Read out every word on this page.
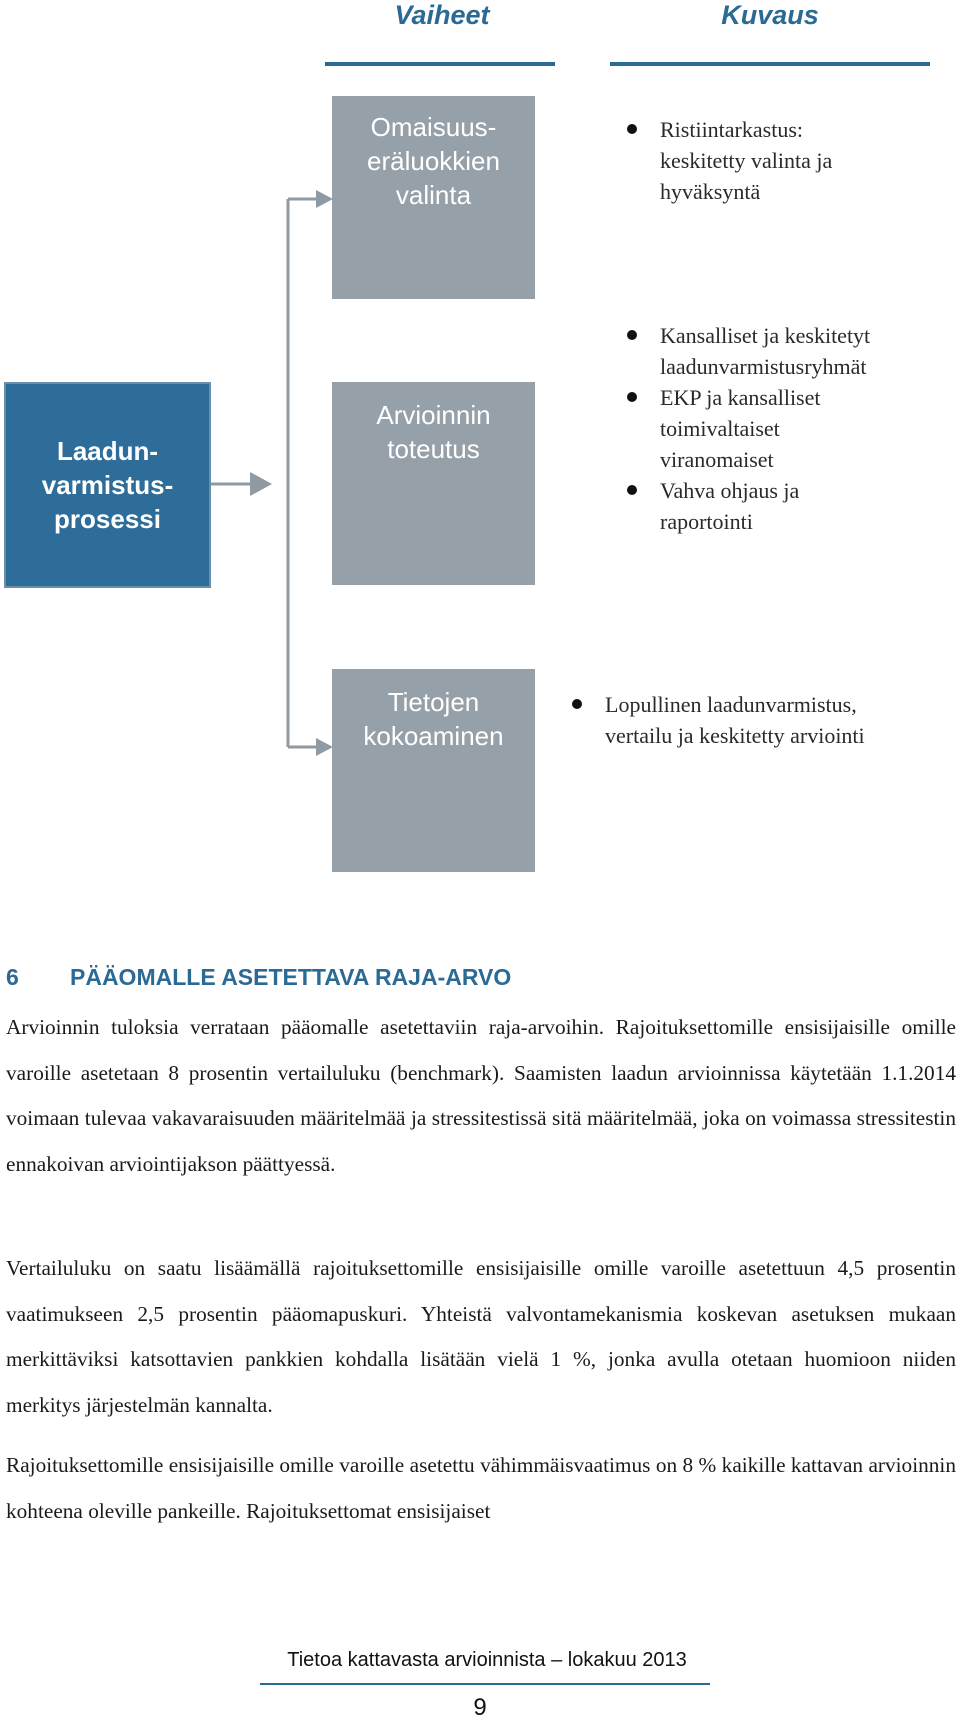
Vaiheet	Kuvaus
Laadun-
varmistus-
prosessi
Omaisuus-
eräluokkien
valinta
Arvioinnin
toteutus
Tietojen
kokoaminen
Ristiintarkastus:
keskitetty valinta ja
hyväksyntä
Kansalliset ja keskitetyt
laadunvarmistusryhmät
EKP ja kansalliset
toimivaltaiset
viranomaiset
Vahva ohjaus ja
raportointi
Lopullinen laadunvarmistus,
vertailu ja keskitetty arviointi
6 PÄÄOMALLE ASETETTAVA RAJA-ARVO

Arvioinnin tuloksia verrataan pääomalle asetettaviin raja-arvoihin. Rajoituksettomille ensisijaisille omille varoille asetetaan 8 prosentin vertailuluku (benchmark). Saamisten laadun arvioinnissa käytetään 1.1.2014 voimaan tulevaa vakavaraisuuden määritelmää ja stressitestissä sitä määritelmää, joka on voimassa stressitestin ennakoivan arviointijakson päättyessä.

Vertailuluku on saatu lisäämällä rajoituksettomille ensisijaisille omille varoille asetettuun 4,5 prosentin vaatimukseen 2,5 prosentin pääomapuskuri. Yhteistä valvontamekanismia koskevan asetuksen mukaan merkittäviksi katsottavien pankkien kohdalla lisätään vielä 1 %, jonka avulla otetaan huomioon niiden merkitys järjestelmän kannalta.

Rajoituksettomille ensisijaisille omille varoille asetettu vähimmäisvaatimus on 8 % kaikille kattavan arvioinnin kohteena oleville pankeille. Rajoituksettomat ensisijaiset

Tietoa kattavasta arvioinnista – lokakuu 2013
9
